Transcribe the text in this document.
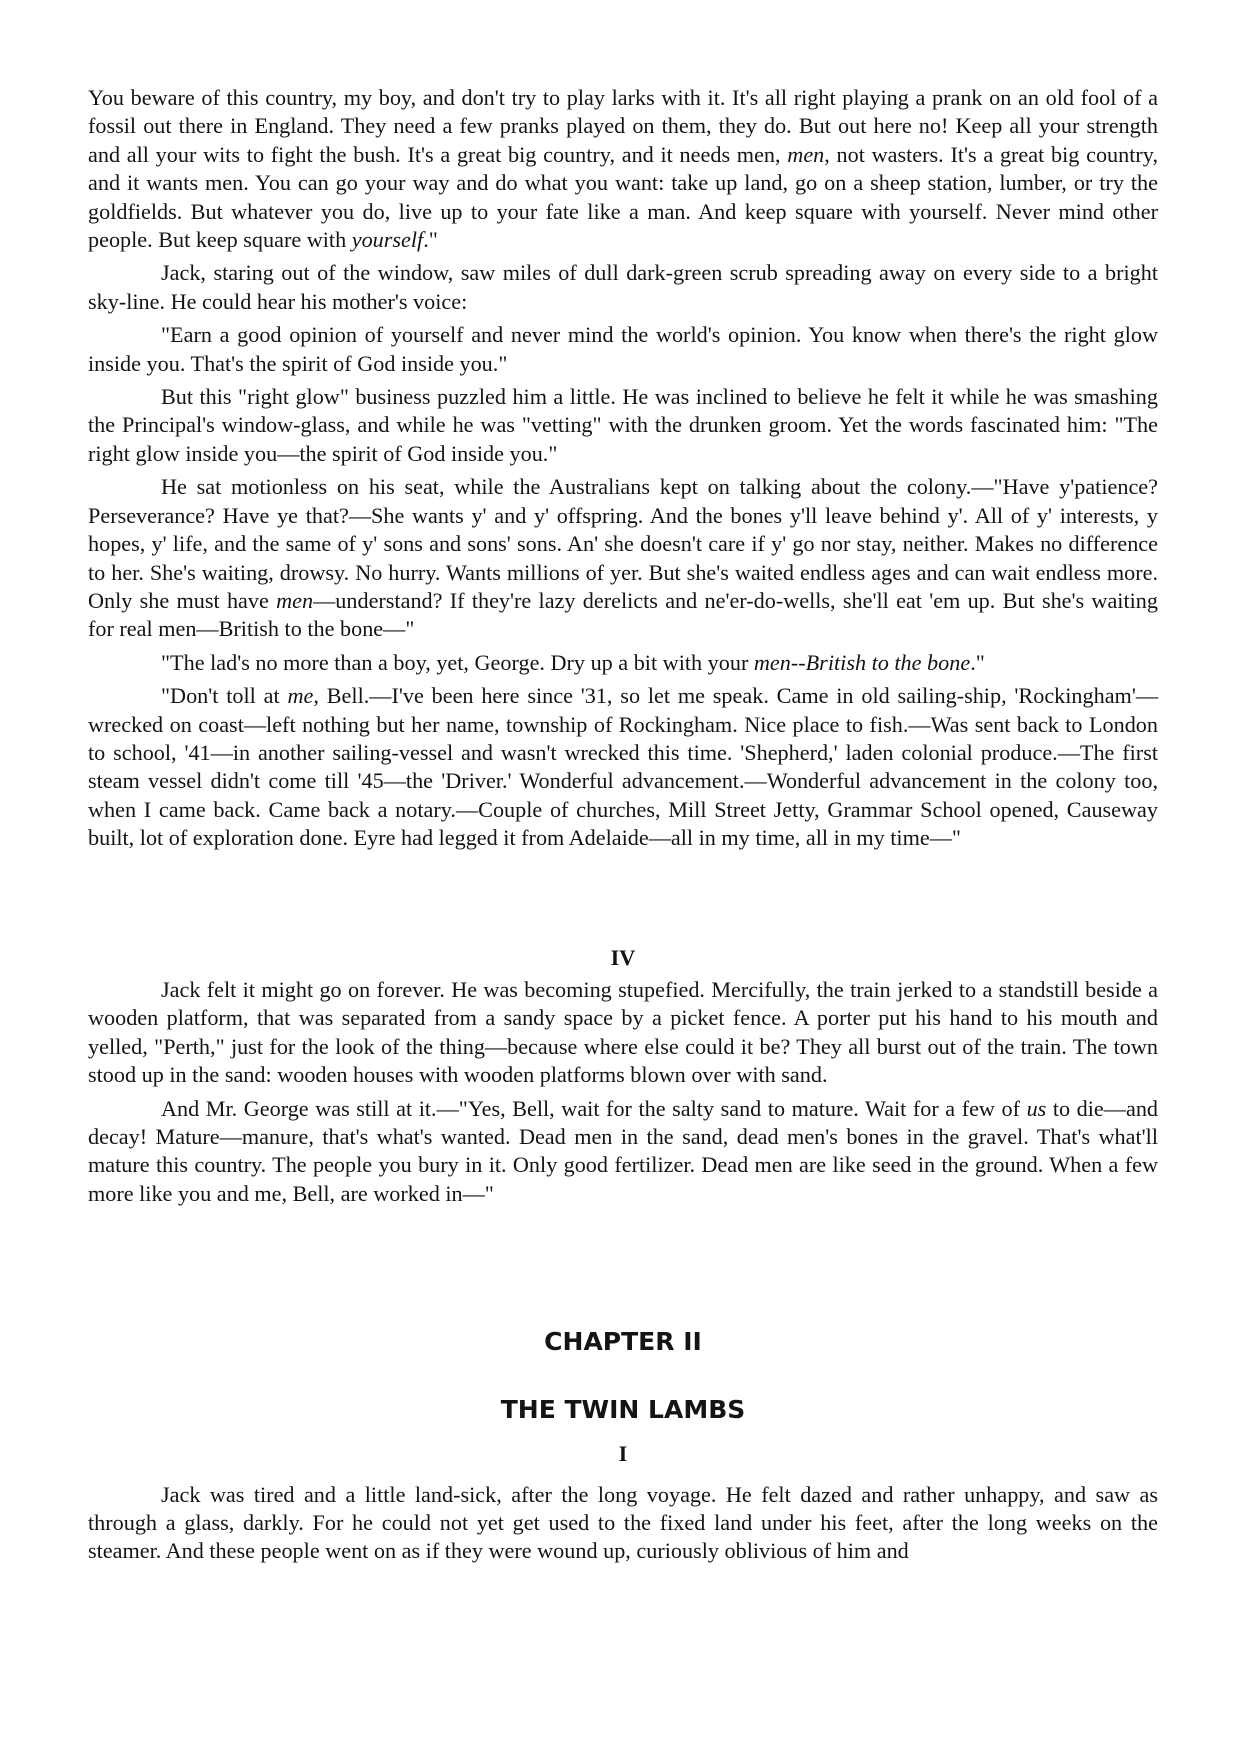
You beware of this country, my boy, and don't try to play larks with it. It's all right playing a prank on an old fool of a fossil out there in England. They need a few pranks played on them, they do. But out here no! Keep all your strength and all your wits to fight the bush. It's a great big country, and it needs men, men, not wasters. It's a great big country, and it wants men. You can go your way and do what you want: take up land, go on a sheep station, lumber, or try the goldfields. But whatever you do, live up to your fate like a man. And keep square with yourself. Never mind other people. But keep square with yourself."

Jack, staring out of the window, saw miles of dull dark-green scrub spreading away on every side to a bright sky-line. He could hear his mother's voice:

"Earn a good opinion of yourself and never mind the world's opinion. You know when there's the right glow inside you. That's the spirit of God inside you."

But this "right glow" business puzzled him a little. He was inclined to believe he felt it while he was smashing the Principal's window-glass, and while he was "vetting" with the drunken groom. Yet the words fascinated him: "The right glow inside you—the spirit of God inside you."

He sat motionless on his seat, while the Australians kept on talking about the colony.—"Have y'patience? Perseverance? Have ye that?—She wants y' and y' offspring. And the bones y'll leave behind y'. All of y' interests, y hopes, y' life, and the same of y' sons and sons' sons. An' she doesn't care if y' go nor stay, neither. Makes no difference to her. She's waiting, drowsy. No hurry. Wants millions of yer. But she's waited endless ages and can wait endless more. Only she must have men—understand? If they're lazy derelicts and ne'er-do-wells, she'll eat 'em up. But she's waiting for real men—British to the bone—"

"The lad's no more than a boy, yet, George. Dry up a bit with your men--British to the bone."

"Don't toll at me, Bell.—I've been here since '31, so let me speak. Came in old sailing-ship, 'Rockingham'—wrecked on coast—left nothing but her name, township of Rockingham. Nice place to fish.—Was sent back to London to school, '41—in another sailing-vessel and wasn't wrecked this time. 'Shepherd,' laden colonial produce.—The first steam vessel didn't come till '45—the 'Driver.' Wonderful advancement.—Wonderful advancement in the colony too, when I came back. Came back a notary.—Couple of churches, Mill Street Jetty, Grammar School opened, Causeway built, lot of exploration done. Eyre had legged it from Adelaide—all in my time, all in my time—"

IV

Jack felt it might go on forever. He was becoming stupefied. Mercifully, the train jerked to a standstill beside a wooden platform, that was separated from a sandy space by a picket fence. A porter put his hand to his mouth and yelled, "Perth," just for the look of the thing—because where else could it be? They all burst out of the train. The town stood up in the sand: wooden houses with wooden platforms blown over with sand.

And Mr. George was still at it.—"Yes, Bell, wait for the salty sand to mature. Wait for a few of us to die—and decay! Mature—manure, that's what's wanted. Dead men in the sand, dead men's bones in the gravel. That's what'll mature this country. The people you bury in it. Only good fertilizer. Dead men are like seed in the ground. When a few more like you and me, Bell, are worked in—"

CHAPTER II
THE TWIN LAMBS
I

Jack was tired and a little land-sick, after the long voyage. He felt dazed and rather unhappy, and saw as through a glass, darkly. For he could not yet get used to the fixed land under his feet, after the long weeks on the steamer. And these people went on as if they were wound up, curiously oblivious of him and
